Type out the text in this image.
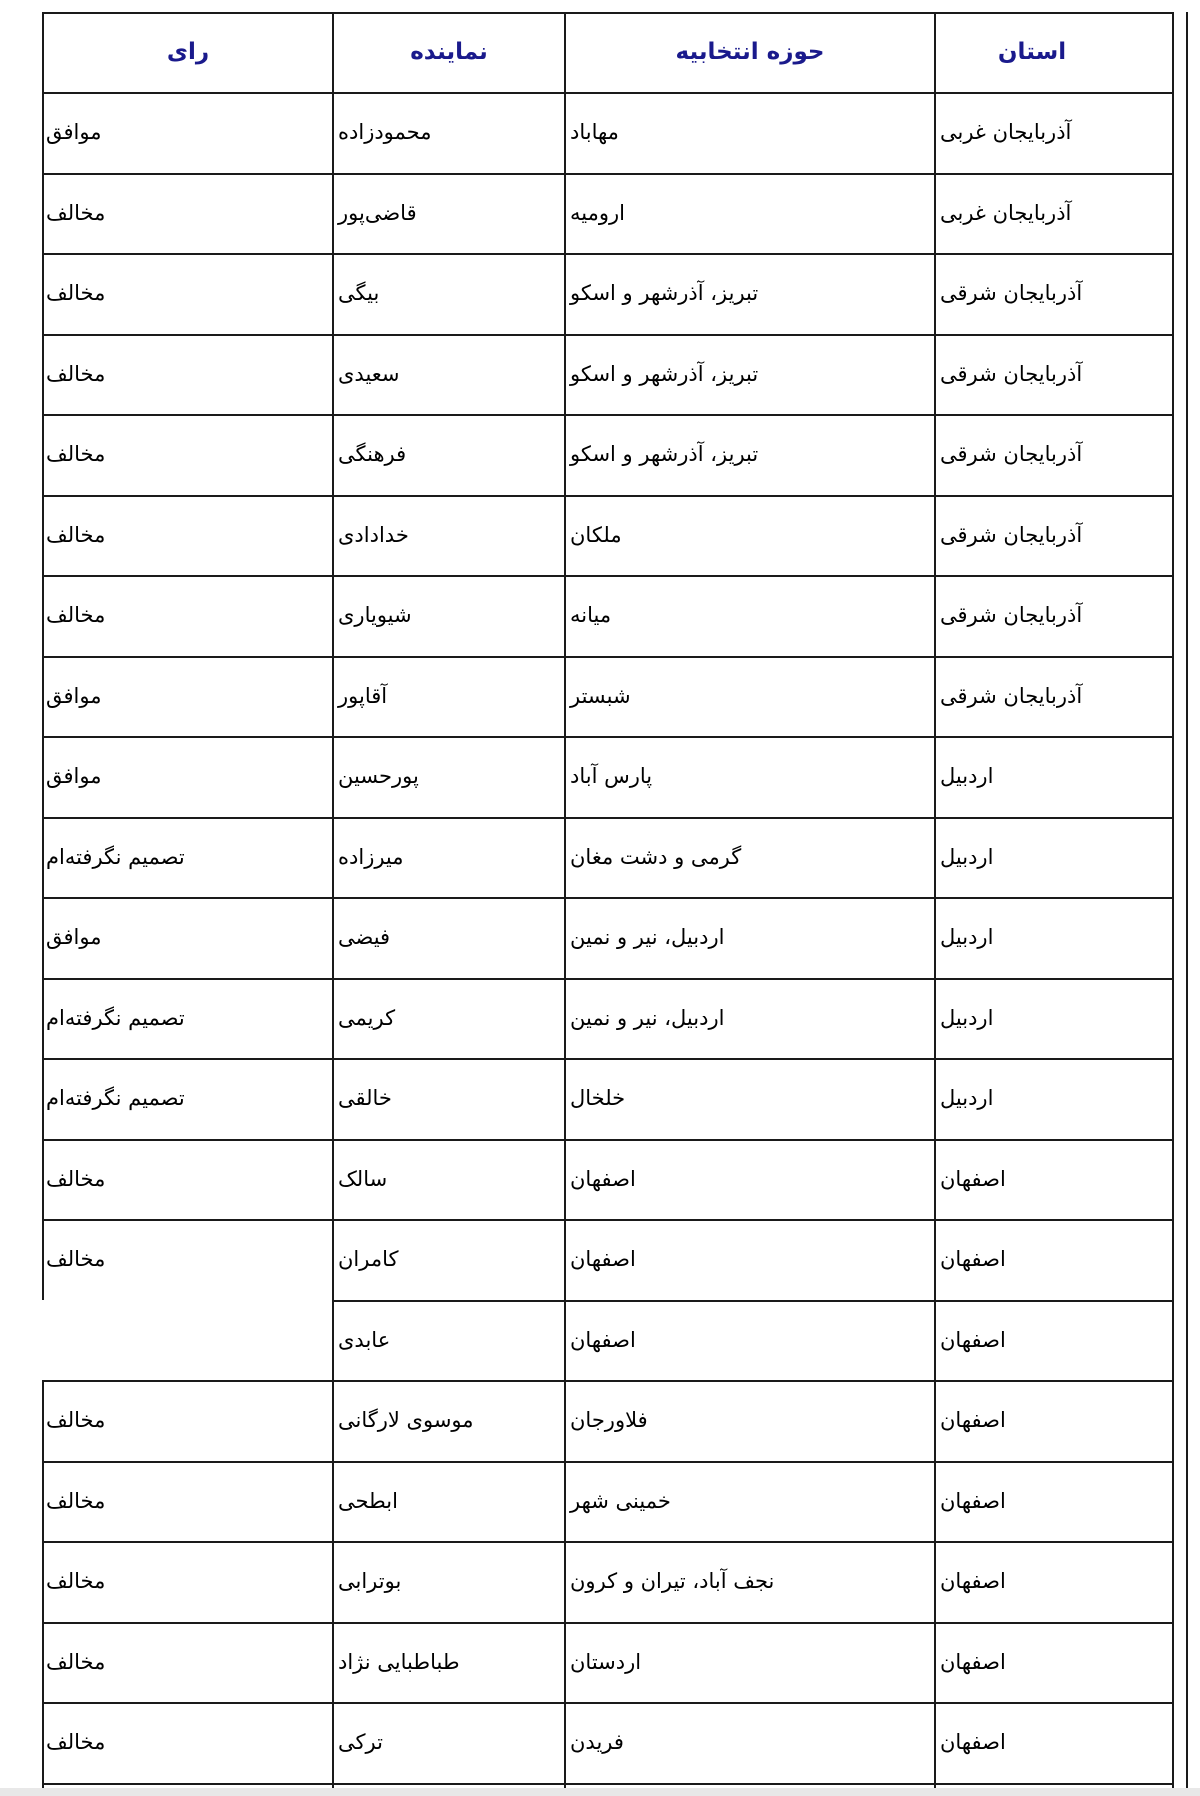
استان
حوزه انتخابیه
نماینده
رای
آذربایجان غربی
مهاباد
محمودزاده
موافق
آذربایجان غربی
ارومیه
قاضی‌پور
مخالف
آذربایجان شرقی
تبریز، آذرشهر و اسکو
بیگی
مخالف
آذربایجان شرقی
تبریز، آذرشهر و اسکو
سعیدی
مخالف
آذربایجان شرقی
تبریز، آذرشهر و اسکو
فرهنگی
مخالف
آذربایجان شرقی
ملکان
خدادادی
مخالف
آذربایجان شرقی
میانه
شیویاری
مخالف
آذربایجان شرقی
شبستر
آقاپور
موافق
اردبیل
پارس آباد
پورحسین
موافق
اردبیل
گرمی و دشت مغان
میرزاده
تصمیم نگرفته‌ام
اردبیل
اردبیل، نیر و نمین
فیضی
موافق
اردبیل
اردبیل، نیر و نمین
کریمی
تصمیم نگرفته‌ام
اردبیل
خلخال
خالقی
تصمیم نگرفته‌ام
اصفهان
اصفهان
سالک
مخالف
اصفهان
اصفهان
کامران
مخالف
اصفهان
اصفهان
عابدی
اصفهان
فلاورجان
موسوی لارگانی
مخالف
اصفهان
خمینی شهر
ابطحی
مخالف
اصفهان
نجف آباد، تیران و کرون
بوترابی
مخالف
اصفهان
اردستان
طباطبایی نژاد
مخالف
اصفهان
فریدن
ترکی
مخالف
